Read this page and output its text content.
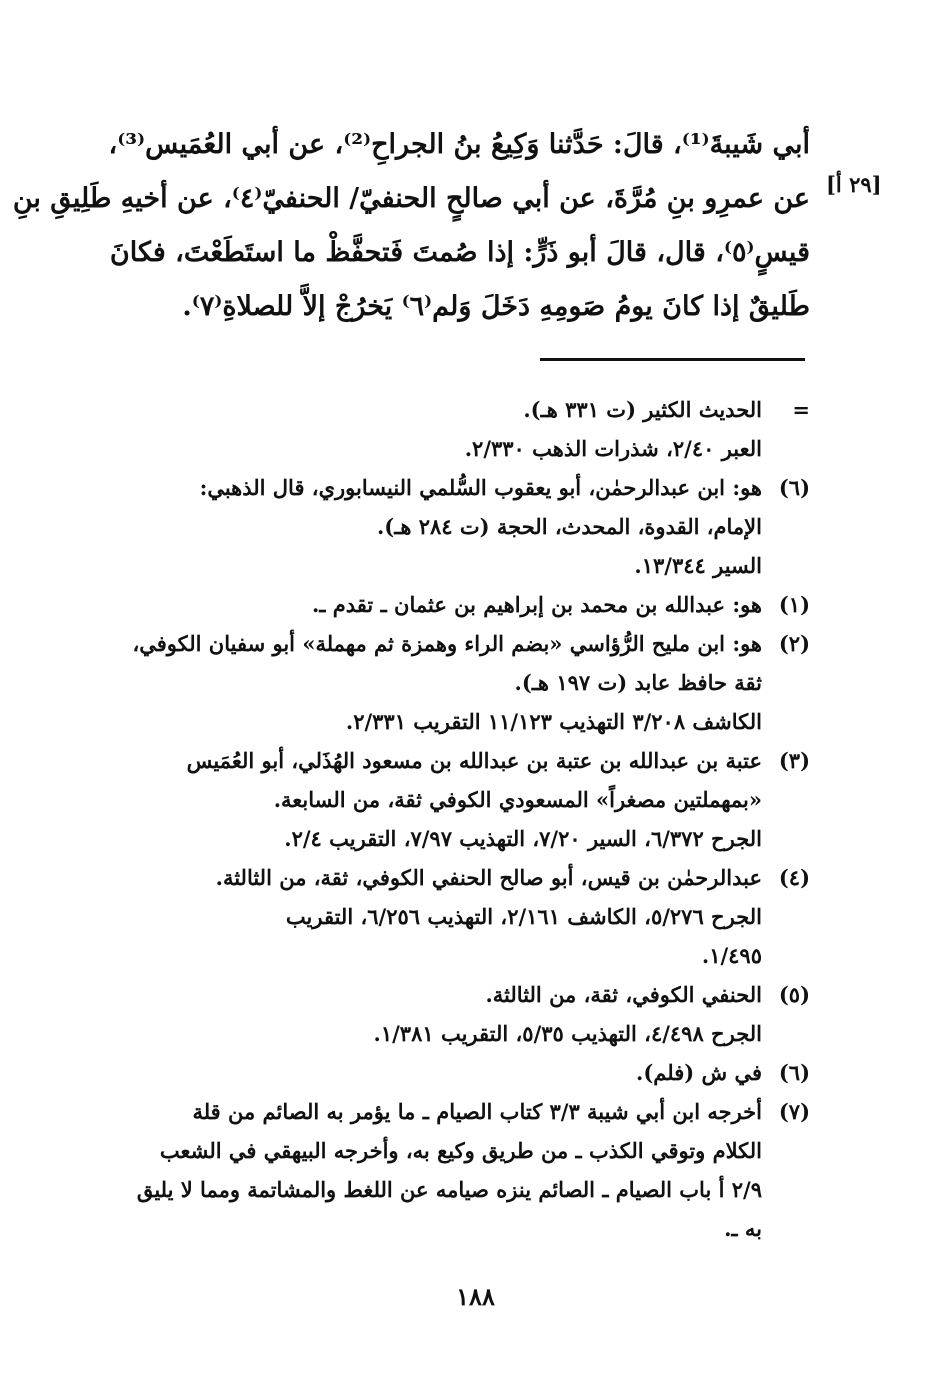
[٢٩ أ]
أبي شَيبةَ⁽¹⁾، قالَ: حَدَّثنا وَكِيعُ بنُ الجراحِ⁽²⁾، عن أبي العُمَيس⁽³⁾،
عن عمرِو بنِ مُرَّةَ، عن أبي صالحٍ الحنفيّ/ الحنفيّ⁽٤⁾، عن أخيهِ طَلِيقِ بنِ
قيسٍ⁽٥⁾، قال، قالَ أبو ذَرٍّ: إذا صُمتَ فَتحفَّظْ ما استَطَعْتَ، فكانَ
طَليقٌ إذا كانَ يومُ صَومِهِ دَخَلَ وَلم⁽٦⁾ يَخرُجْ إلاَّ للصلاةِ⁽٧⁾.
=
الحديث الكثير (ت ٣٣١ هـ).
العبر ٢/٤٠، شذرات الذهب ٢/٣٣٠.
(٦)
هو: ابن عبدالرحمٰن، أبو يعقوب السُّلمي النيسابوري، قال الذهبي:
الإمام، القدوة، المحدث، الحجة (ت ٢٨٤ هـ).
السير ١٣/٣٤٤.
(١)
هو: عبدالله بن محمد بن إبراهيم بن عثمان ـ تقدم ـ.
(٢)
هو: ابن مليح الرُّؤاسي «بضم الراء وهمزة ثم مهملة» أبو سفيان الكوفي،
ثقة حافظ عابد (ت ١٩٧ هـ).
الكاشف ٣/٢٠٨ التهذيب ١١/١٢٣ التقريب ٢/٣٣١.
(٣)
عتبة بن عبدالله بن عتبة بن عبدالله بن مسعود الهُذَلي، أبو العُمَيس
«بمهملتين مصغراً» المسعودي الكوفي ثقة، من السابعة.
الجرح ٦/٣٧٢، السير ٧/٢٠، التهذيب ٧/٩٧، التقريب ٢/٤.
(٤)
عبدالرحمٰن بن قيس، أبو صالح الحنفي الكوفي، ثقة، من الثالثة.
الجرح ٥/٢٧٦، الكاشف ٢/١٦١، التهذيب ٦/٢٥٦، التقريب
١/٤٩٥.
(٥)
الحنفي الكوفي، ثقة، من الثالثة.
الجرح ٤/٤٩٨، التهذيب ٥/٣٥، التقريب ١/٣٨١.
(٦)
في ش (فلم).
(٧)
أخرجه ابن أبي شيبة ٣/٣ كتاب الصيام ـ ما يؤمر به الصائم من قلة
الكلام وتوقي الكذب ـ من طريق وكيع به، وأخرجه البيهقي في الشعب
٢/٩ أ باب الصيام ـ الصائم ينزه صيامه عن اللغط والمشاتمة ومما لا يليق
به ـ.
١٨٨
